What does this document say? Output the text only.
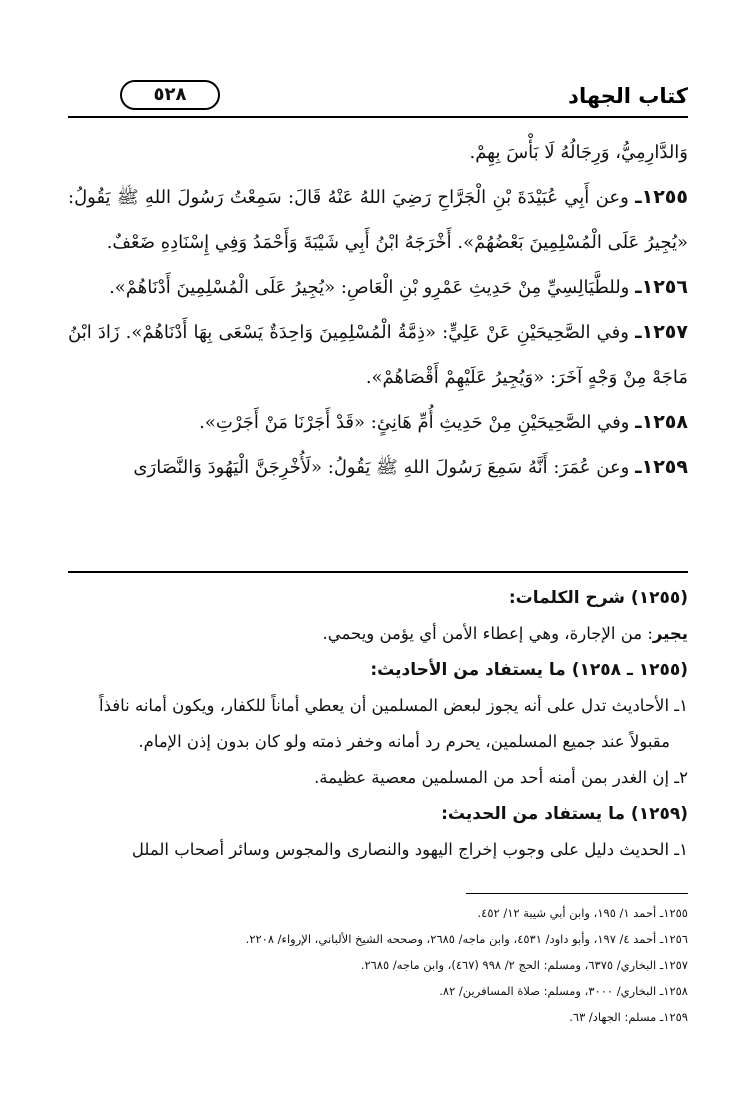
كتاب الجهاد
٥٢٨

وَالدَّارِمِيُّ، وَرِجَالُهُ لَا بَأْسَ بِهِمْ.

١٢٥٥ـ وعن أَبِي عُبَيْدَةَ بْنِ الْجَرَّاحِ رَضِيَ اللهُ عَنْهُ قَالَ: سَمِعْتُ رَسُولَ اللهِ ﷺ يَقُولُ: «يُجِيرُ عَلَى الْمُسْلِمِينَ بَعْضُهُمْ». أَخْرَجَهُ ابْنُ أَبِي شَيْبَةَ وَأَحْمَدُ وَفِي إِسْنَادِهِ ضَعْفٌ.

١٢٥٦ـ وللطَّيَالِسِيِّ مِنْ حَدِيثِ عَمْرِو بْنِ الْعَاصِ: «يُجِيرُ عَلَى الْمُسْلِمِينَ أَدْنَاهُمْ».

١٢٥٧ـ وفي الصَّحِيحَيْنِ عَنْ عَلِيٍّ: «ذِمَّةُ الْمُسْلِمِينَ وَاحِدَةٌ يَسْعَى بِهَا أَدْنَاهُمْ». زَادَ ابْنُ مَاجَهْ مِنْ وَجْهٍ آخَرَ: «وَيُجِيرُ عَلَيْهِمْ أَقْصَاهُمْ».

١٢٥٨ـ وفي الصَّحِيحَيْنِ مِنْ حَدِيثِ أُمِّ هَانِئٍ: «قَدْ أَجَرْنَا مَنْ أَجَرْتِ».

١٢٥٩ـ وعن عُمَرَ: أَنَّهُ سَمِعَ رَسُولَ اللهِ ﷺ يَقُولُ: «لَأُخْرِجَنَّ الْيَهُودَ وَالنَّصَارَى

(١٢٥٥) شرح الكلمات:

يجير: من الإجارة، وهي إعطاء الأمن أي يؤمن ويحمي.

(١٢٥٥ ـ ١٢٥٨) ما يستفاد من الأحاديث:

١ـ الأحاديث تدل على أنه يجوز لبعض المسلمين أن يعطي أماناً للكفار، ويكون أمانه نافذاً

مقبولاً عند جميع المسلمين، يحرم رد أمانه وخفر ذمته ولو كان بدون إذن الإمام.

٢ـ إن الغدر بمن أمنه أحد من المسلمين معصية عظيمة.

(١٢٥٩) ما يستفاد من الحديث:

١ـ الحديث دليل على وجوب إخراج اليهود والنصارى والمجوس وسائر أصحاب الملل

١٢٥٥ـ أحمد ١/ ١٩٥، وابن أبي شيبة ١٢/ ٤٥٢.

١٢٥٦ـ أحمد ٤/ ١٩٧، وأبو داود/ ٤٥٣١، وابن ماجه/ ٢٦٨٥، وصححه الشيخ الألباني، الإرواء/ ٢٢٠٨.

١٢٥٧ـ البخاري/ ٦٣٧٥، ومسلم: الحج ٢/ ٩٩٨ (٤٦٧)، وابن ماجه/ ٢٦٨٥.

١٢٥٨ـ البخاري/ ٣٠٠٠، ومسلم: صلاة المسافرين/ ٨٢.

١٢٥٩ـ مسلم: الجهاد/ ٦٣.
